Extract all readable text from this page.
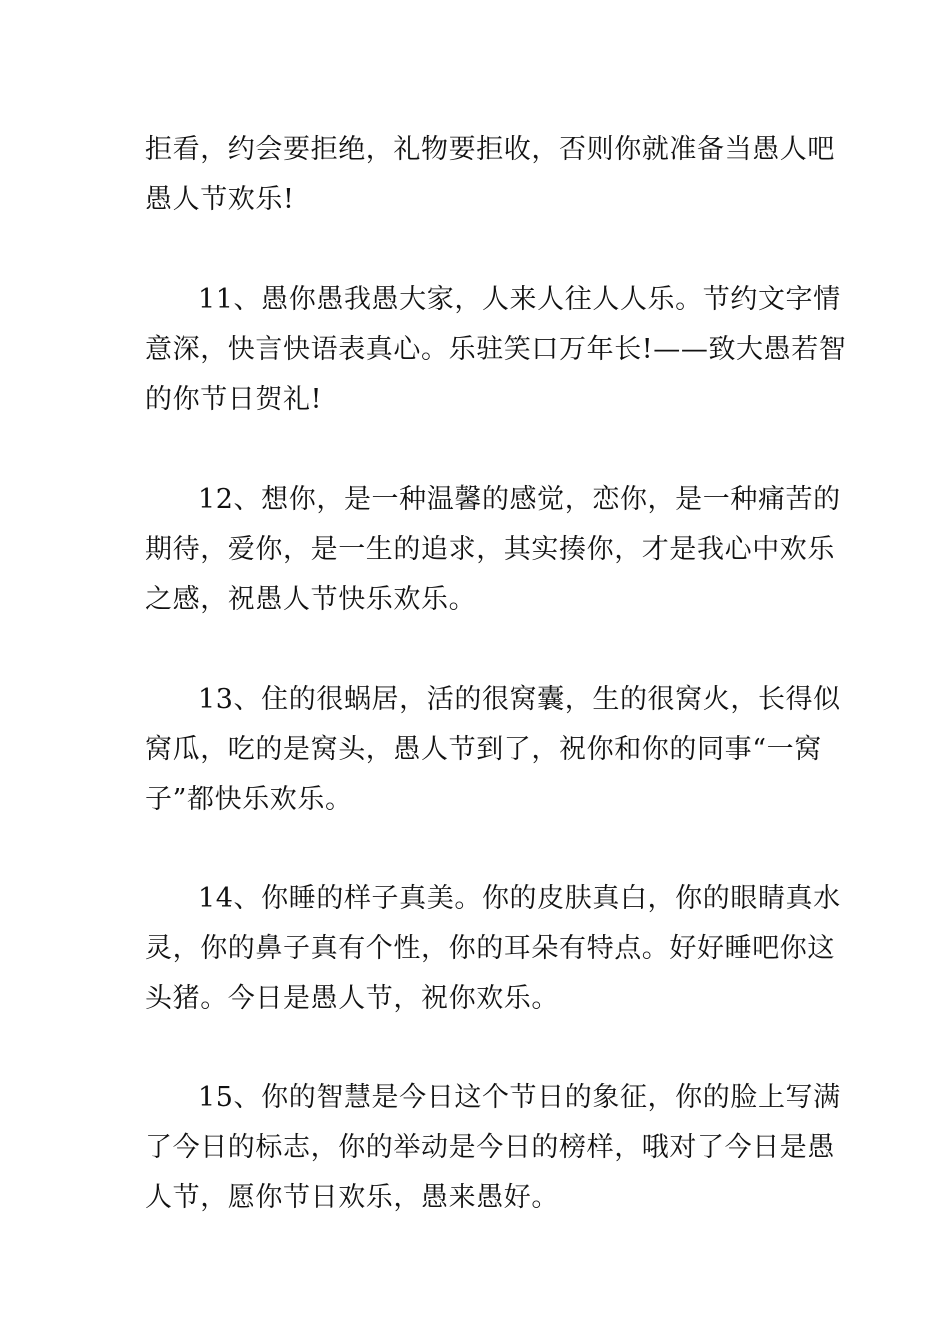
拒看，约会要拒绝，礼物要拒收，否则你就准备当愚人吧
愚人节欢乐!
11、愚你愚我愚大家，人来人往人人乐。节约文字情
意深，快言快语表真心。乐驻笑口万年长!——致大愚若智
的你节日贺礼!
12、想你，是一种温馨的感觉，恋你，是一种痛苦的
期待，爱你，是一生的追求，其实揍你，才是我心中欢乐
之感，祝愚人节快乐欢乐。
13、住的很蜗居，活的很窝囊，生的很窝火，长得似
窝瓜，吃的是窝头，愚人节到了，祝你和你的同事“一窝
子”都快乐欢乐。
14、你睡的样子真美。你的皮肤真白，你的眼睛真水
灵，你的鼻子真有个性，你的耳朵有特点。好好睡吧你这
头猪。今日是愚人节，祝你欢乐。
15、你的智慧是今日这个节日的象征，你的脸上写满
了今日的标志，你的举动是今日的榜样，哦对了今日是愚
人节，愿你节日欢乐，愚来愚好。
